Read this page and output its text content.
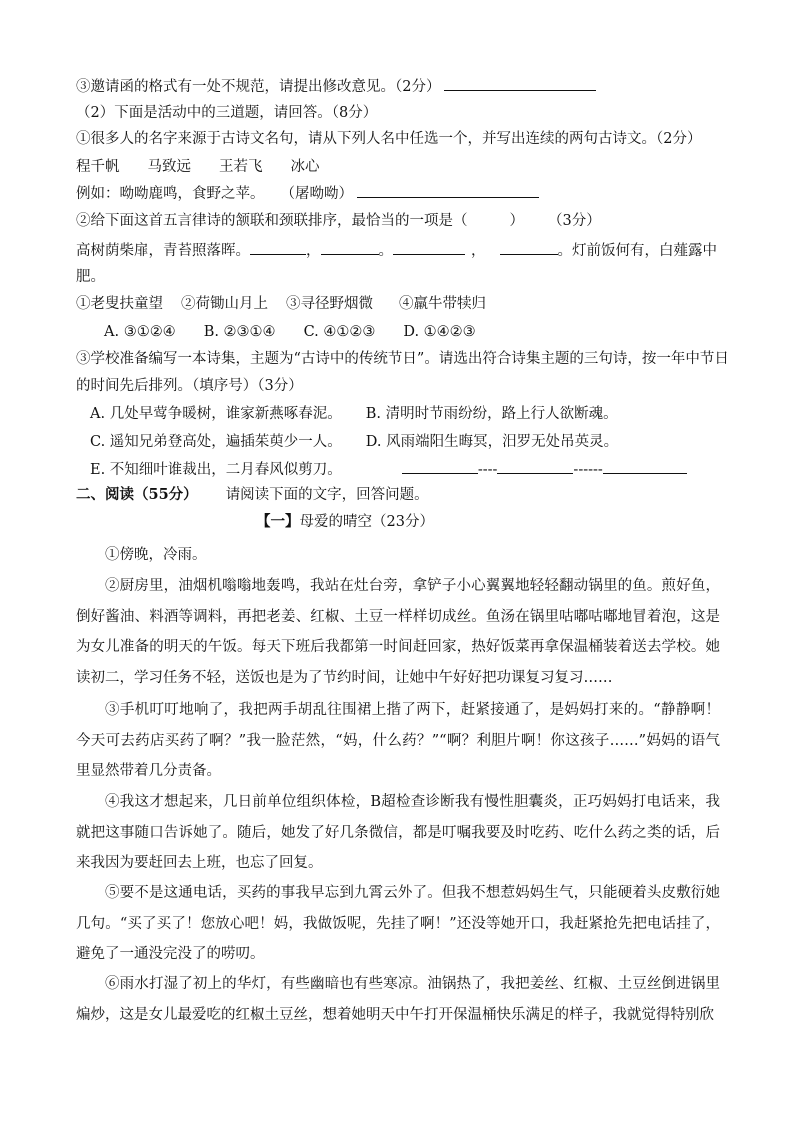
③邀请函的格式有一处不规范，请提出修改意见。（2分）
（2）下面是活动中的三道题，请回答。（8分）
①很多人的名字来源于古诗文名句，请从下列人名中任选一个，并写出连续的两句古诗文。（2分）
程千帆 马致远 王若飞 冰心
例如：呦呦鹿鸣，食野之苹。 （屠呦呦）
②给下面这首五言律诗的颔联和颈联排序，最恰当的一项是（	） （3分）
高树荫柴扉，青苔照落晖。	，	。	，	。灯前饭何有，白薤露中
肥。
①老叟扶童望 ②荷锄山月上 ③寻径野烟微 ④羸牛带犊归
A. ③①②④ B. ②③①④ C. ④①②③ D. ①④②③
③学校准备编写一本诗集，主题为“古诗中的传统节日”。请选出符合诗集主题的三句诗，按一年中节日
的时间先后排列。（填序号）（3分）
A. 几处早莺争暖树，谁家新燕啄春泥。 B. 清明时节雨纷纷，路上行人欲断魂。
C. 遥知兄弟登高处，遍插茱萸少一人。 D. 风雨端阳生晦冥，汨罗无处吊英灵。
E. 不知细叶谁裁出，二月春风似剪刀。	----	------
二、阅读（55分） 请阅读下面的文字，回答问题。
【一】母爱的晴空（23分）
①傍晚，冷雨。
②厨房里，油烟机嗡嗡地轰鸣，我站在灶台旁，拿铲子小心翼翼地轻轻翻动锅里的鱼。煎好鱼，倒好酱油、料酒等调料，再把老姜、红椒、土豆一样样切成丝。鱼汤在锅里咕嘟咕嘟地冒着泡，这是为女儿准备的明天的午饭。每天下班后我都第一时间赶回家，热好饭菜再拿保温桶装着送去学校。她读初二，学习任务不轻，送饭也是为了节约时间，让她中午好好把功课复习复习……
③手机叮叮地响了，我把两手胡乱往围裙上揩了两下，赶紧接通了，是妈妈打来的。“静静啊！今天可去药店买药了啊？”我一脸茫然，“妈，什么药？”“啊？利胆片啊！你这孩子……”妈妈的语气里显然带着几分责备。
④我这才想起来，几日前单位组织体检，B超检查诊断我有慢性胆囊炎，正巧妈妈打电话来，我就把这事随口告诉她了。随后，她发了好几条微信，都是叮嘱我要及时吃药、吃什么药之类的话，后来我因为要赶回去上班，也忘了回复。
⑤要不是这通电话，买药的事我早忘到九霄云外了。但我不想惹妈妈生气，只能硬着头皮敷衍她几句。“买了买了！您放心吧！妈，我做饭呢，先挂了啊！”还没等她开口，我赶紧抢先把电话挂了，避免了一通没完没了的唠叨。
⑥雨水打湿了初上的华灯，有些幽暗也有些寒凉。油锅热了，我把姜丝、红椒、土豆丝倒进锅里煸炒，这是女儿最爱吃的红椒土豆丝，想着她明天中午打开保温桶快乐满足的样子，我就觉得特别欣
